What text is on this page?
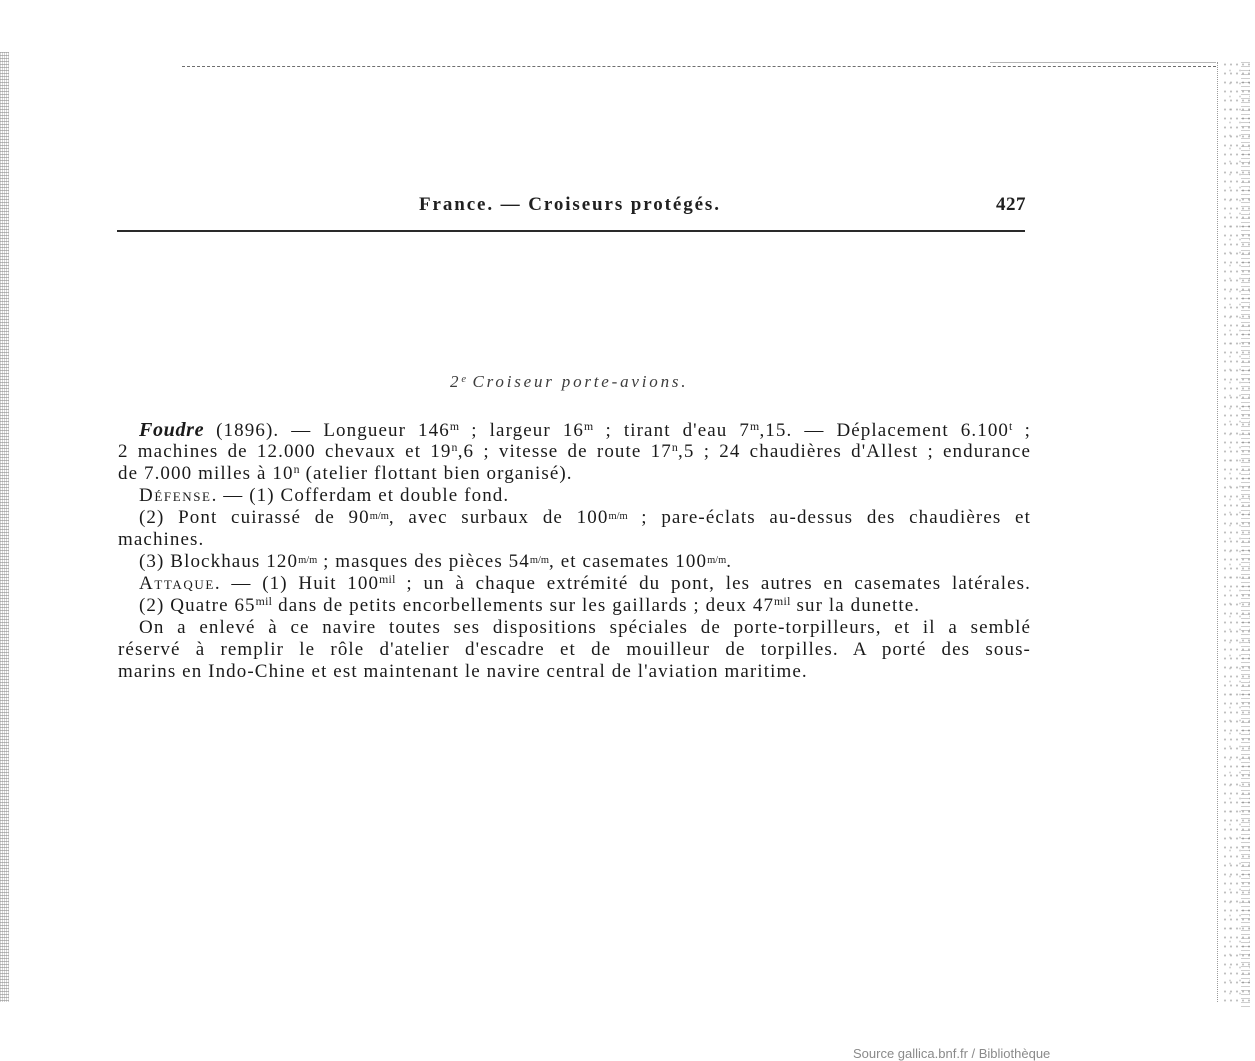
France. — Croiseurs protégés.	427
2e Croiseur porte-avions.
Foudre (1896). — Longueur 146$^m$ ; largeur 16$^m$ ; tirant d'eau 7$^m$,15. — Déplacement 6.100$^t$ ;
2 machines de 12.000 chevaux et 19$^n$,6 ; vitesse de route 17$^n$,5 ; 24 chaudières d'Allest ; endurance
de 7.000 milles à 10$^n$ (atelier flottant bien organisé).
Défense. — (1) Cofferdam et double fond.
(2) Pont cuirassé de 90m/m, avec surbaux de 100m/m ; pare-éclats au-dessus des chaudières et
machines.
(3) Blockhaus 120m/m ; masques des pièces 54m/m, et casemates 100m/m.
Attaque. — (1) Huit $100^{mil}$ ; un à chaque extrémité du pont, les autres en casemates latérales.
(2) Quatre $65^{mil}$ dans de petits encorbellements sur les gaillards ; deux $47^{mil}$ sur la dunette.
On a enlevé à ce navire toutes ses dispositions spéciales de porte-torpilleurs, et il a semblé
réservé à remplir le rôle d'atelier d'escadre et de mouilleur de torpilles. A porté des sous-
marins en Indo-Chine et est maintenant le navire central de l'aviation maritime.
Source gallica.bnf.fr / Bibliothèque
